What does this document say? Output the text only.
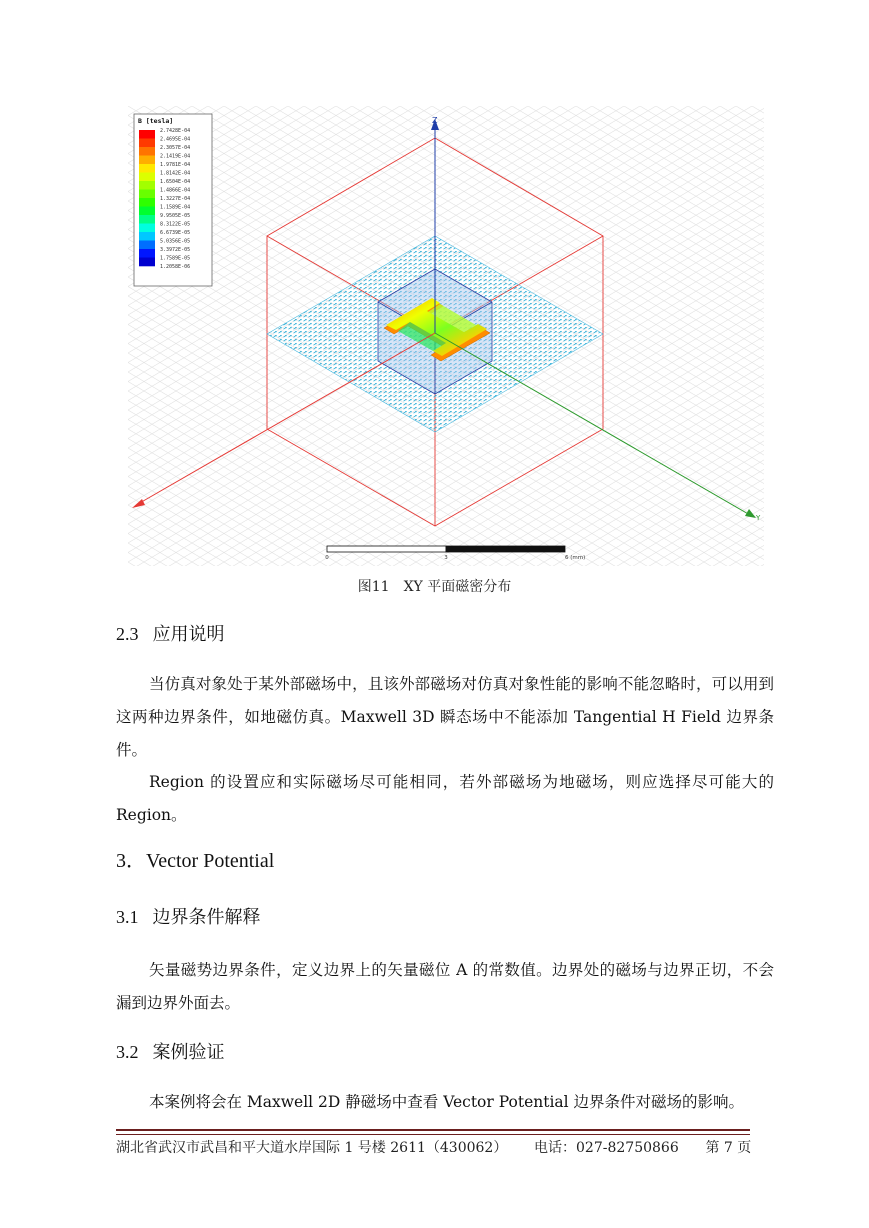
Z
Y
B [tesla]
2.7428E-04
2.4695E-04
2.3057E-04
2.1419E-04
1.9781E-04
1.8142E-04
1.6504E-04
1.4866E-04
1.3227E-04
1.1589E-04
9.9505E-05
8.3122E-05
6.6739E-05
5.0356E-05
3.3972E-05
1.7589E-05
1.2058E-06
0	3	6 (mm)
图11　XY 平面磁密分布
2.3 应用说明
当仿真对象处于某外部磁场中，且该外部磁场对仿真对象性能的影响不能忽略时，可以用到这两种边界条件，如地磁仿真。Maxwell 3D 瞬态场中不能添加 Tangential H Field 边界条件。
Region 的设置应和实际磁场尽可能相同，若外部磁场为地磁场，则应选择尽可能大的 Region。
3．Vector Potential
3.1 边界条件解释
矢量磁势边界条件，定义边界上的矢量磁位 A 的常数值。边界处的磁场与边界正切，不会漏到边界外面去。
3.2 案例验证
本案例将会在 Maxwell 2D 静磁场中查看 Vector Potential 边界条件对磁场的影响。
湖北省武汉市武昌和平大道水岸国际 1 号楼 2611（430062）      电话：027-82750866      第 7 页
